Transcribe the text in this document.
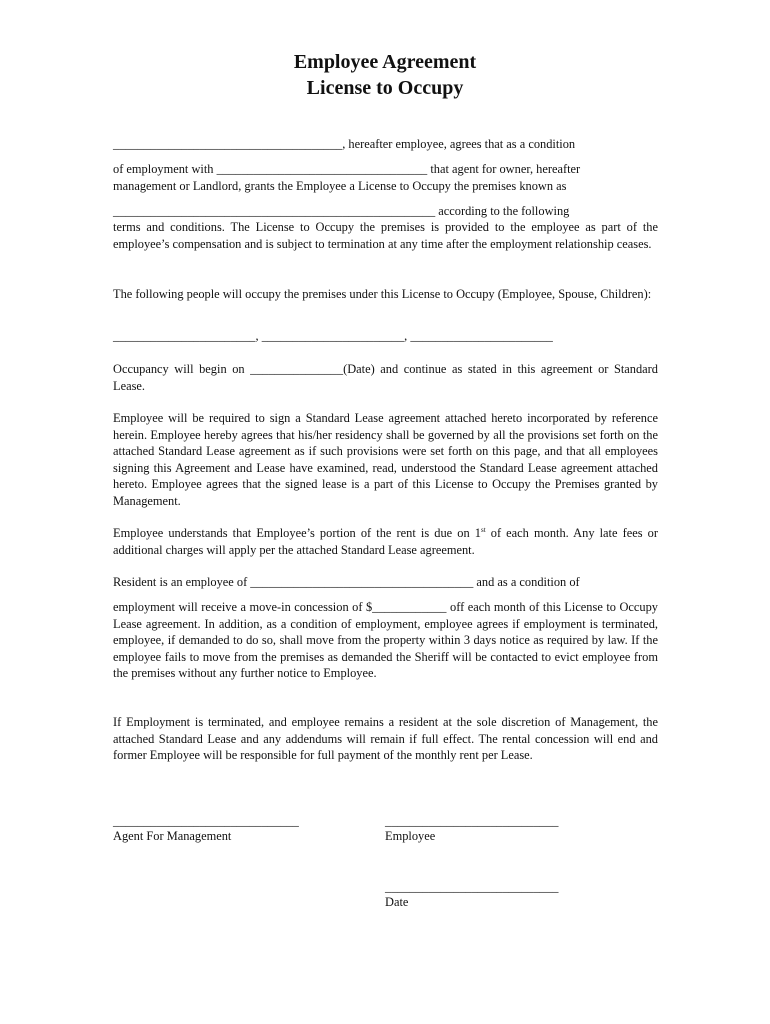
Employee Agreement
License to Occupy
_____________________________________, hereafter employee, agrees that as a condition
of employment with __________________________________ that agent for owner, hereafter
management or Landlord, grants the Employee a License to Occupy the premises known as
____________________________________________________ according to the following
terms and conditions. The License to Occupy the premises is provided to the employee as part of the employee’s compensation and is subject to termination at any time after the employment relationship ceases.
The following people will occupy the premises under this License to Occupy (Employee, Spouse, Children):
_______________________, _______________________, _______________________
Occupancy will begin on _______________(Date) and continue as stated in this agreement or Standard Lease.
Employee will be required to sign a Standard Lease agreement attached hereto incorporated by reference herein. Employee hereby agrees that his/her residency shall be governed by all the provisions set forth on the attached Standard Lease agreement as if such provisions were set forth on this page, and that all employees signing this Agreement and Lease have examined, read, understood the Standard Lease agreement attached hereto. Employee agrees that the signed lease is a part of this License to Occupy the Premises granted by Management.
Employee understands that Employee’s portion of the rent is due on 1st of each month. Any late fees or additional charges will apply per the attached Standard Lease agreement.
Resident is an employee of ____________________________________ and as a condition of
employment will receive a move-in concession of $____________ off each month of this License to Occupy Lease agreement. In addition, as a condition of employment, employee agrees if employment is terminated, employee, if demanded to do so, shall move from the property within 3 days notice as required by law. If the employee fails to move from the premises as demanded the Sheriff will be contacted to evict employee from the premises without any further notice to Employee.
If Employment is terminated, and employee remains a resident at the sole discretion of Management, the attached Standard Lease and any addendums will remain if full effect. The rental concession will end and former Employee will be responsible for full payment of the monthly rent per Lease.
______________________________
Agent For Management
____________________________
Employee
____________________________
Date
